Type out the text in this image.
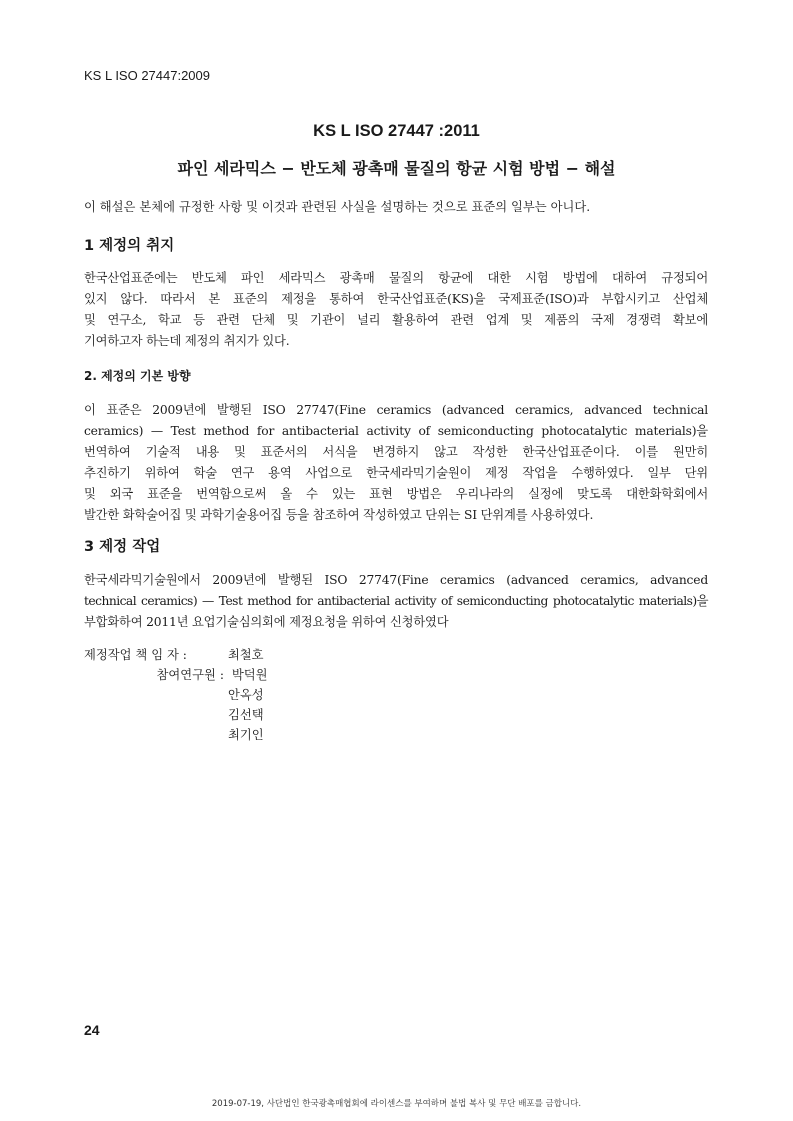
KS L ISO 27447:2009
KS L ISO 27447 :2011
파인 세라믹스 − 반도체 광촉매 물질의 항균 시험 방법 − 해설
이 해설은 본체에 규정한 사항 및 이것과 관련된 사실을 설명하는 것으로 표준의 일부는 아니다.
1 제정의 취지
한국산업표준에는 반도체 파인 세라믹스 광촉매 물질의 항균에 대한 시험 방법에 대하여 규정되어
있지 않다. 따라서 본 표준의 제정을 통하여 한국산업표준(KS)을 국제표준(ISO)과 부합시키고 산업체
및 연구소, 학교 등 관련 단체 및 기관이 널리 활용하여 관련 업계 및 제품의 국제 경쟁력 확보에
기여하고자 하는데 제정의 취지가 있다.
2. 제정의 기본 방향
이 표준은 2009년에 발행된 ISO 27747(Fine ceramics (advanced ceramics, advanced technical
ceramics) — Test method for antibacterial activity of semiconducting photocatalytic materials)을
번역하여 기술적 내용 및 표준서의 서식을 변경하지 않고 작성한 한국산업표준이다. 이를 원만히
추진하기 위하여 학술 연구 용역 사업으로 한국세라믹기술원이 제정 작업을 수행하였다. 일부 단위
및 외국 표준을 번역함으로써 올 수 있는 표현 방법은 우리나라의 실정에 맞도록 대한화학회에서
발간한 화학술어집 및 과학기술용어집 등을 참조하여 작성하였고 단위는 SI 단위계를 사용하였다.
3 제정 작업
한국세라믹기술원에서 2009년에 발행된 ISO 27747(Fine ceramics (advanced ceramics, advanced
technical ceramics) — Test method for antibacterial activity of semiconducting photocatalytic materials)을
부합화하여 2011년 요업기술심의회에 제정요청을 위하여 신청하였다
제정작업 책 임 자 :	최철호
참여연구원 : 박덕원
안옥성
김선택
최기인
24
2019-07-19, 사단법인 한국광촉매협회에 라이센스를 부여하며 불법 복사 및 무단 배포를 금합니다.
